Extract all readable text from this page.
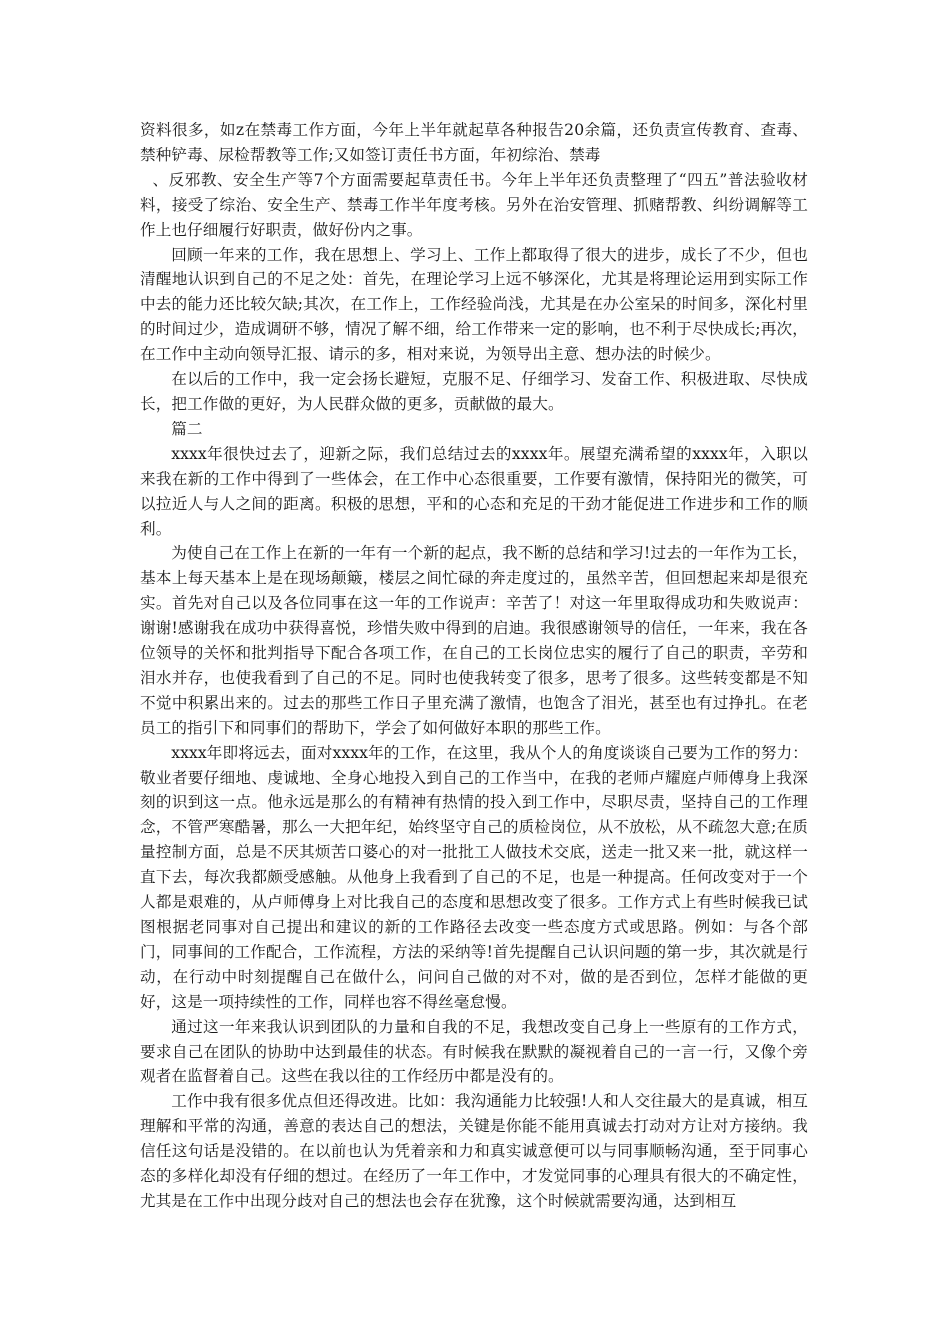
资料很多，如z在禁毒工作方面，今年上半年就起草各种报告20余篇，还负责宣传教育、查毒、禁种铲毒、尿检帮教等工作;又如签订责任书方面，年初综治、禁毒

、反邪教、安全生产等7个方面需要起草责任书。今年上半年还负责整理了“四五”普法验收材料，接受了综治、安全生产、禁毒工作半年度考核。另外在治安管理、抓赌帮教、纠纷调解等工作上也仔细履行好职责，做好份内之事。

回顾一年来的工作，我在思想上、学习上、工作上都取得了很大的进步，成长了不少，但也清醒地认识到自己的不足之处：首先，在理论学习上远不够深化，尤其是将理论运用到实际工作中去的能力还比较欠缺;其次，在工作上，工作经验尚浅，尤其是在办公室呆的时间多，深化村里的时间过少，造成调研不够，情况了解不细，给工作带来一定的影响，也不利于尽快成长;再次，在工作中主动向领导汇报、请示的多，相对来说，为领导出主意、想办法的时候少。

在以后的工作中，我一定会扬长避短，克服不足、仔细学习、发奋工作、积极进取、尽快成长，把工作做的更好，为人民群众做的更多，贡献做的最大。

篇二

xxxx年很快过去了，迎新之际，我们总结过去的xxxx年。展望充满希望的xxxx年，入职以来我在新的工作中得到了一些体会，在工作中心态很重要，工作要有激情，保持阳光的微笑，可以拉近人与人之间的距离。积极的思想，平和的心态和充足的干劲才能促进工作进步和工作的顺利。

为使自己在工作上在新的一年有一个新的起点，我不断的总结和学习!过去的一年作为工长，基本上每天基本上是在现场颠簸，楼层之间忙碌的奔走度过的，虽然辛苦，但回想起来却是很充实。首先对自己以及各位同事在这一年的工作说声：辛苦了！对这一年里取得成功和失败说声：谢谢!感谢我在成功中获得喜悦，珍惜失败中得到的启迪。我很感谢领导的信任，一年来，我在各位领导的关怀和批判指导下配合各项工作，在自己的工长岗位忠实的履行了自己的职责，辛劳和泪水并存，也使我看到了自己的不足。同时也使我转变了很多，思考了很多。这些转变都是不知不觉中积累出来的。过去的那些工作日子里充满了激情，也饱含了泪光，甚至也有过挣扎。在老员工的指引下和同事们的帮助下，学会了如何做好本职的那些工作。

xxxx年即将远去，面对xxxx年的工作，在这里，我从个人的角度谈谈自己要为工作的努力：敬业者要仔细地、虔诚地、全身心地投入到自己的工作当中，在我的老师卢耀庭卢师傅身上我深刻的识到这一点。他永远是那么的有精神有热情的投入到工作中，尽职尽责，坚持自己的工作理念，不管严寒酷暑，那么一大把年纪，始终坚守自己的质检岗位，从不放松，从不疏忽大意;在质量控制方面，总是不厌其烦苦口婆心的对一批批工人做技术交底，送走一批又来一批，就这样一直下去，每次我都颇受感触。从他身上我看到了自己的不足，也是一种提高。任何改变对于一个人都是艰难的，从卢师傅身上对比我自己的态度和思想改变了很多。工作方式上有些时候我已试图根据老同事对自己提出和建议的新的工作路径去改变一些态度方式或思路。例如：与各个部门，同事间的工作配合，工作流程，方法的采纳等!首先提醒自己认识问题的第一步，其次就是行动，在行动中时刻提醒自己在做什么，问问自己做的对不对，做的是否到位，怎样才能做的更好，这是一项持续性的工作，同样也容不得丝毫怠慢。

通过这一年来我认识到团队的力量和自我的不足，我想改变自己身上一些原有的工作方式，要求自己在团队的协助中达到最佳的状态。有时候我在默默的凝视着自己的一言一行，又像个旁观者在监督着自己。这些在我以往的工作经历中都是没有的。

工作中我有很多优点但还得改进。比如：我沟通能力比较强!人和人交往最大的是真诚，相互理解和平常的沟通，善意的表达自己的想法，关键是你能不能用真诚去打动对方让对方接纳。我信任这句话是没错的。在以前也认为凭着亲和力和真实诚意便可以与同事顺畅沟通，至于同事心态的多样化却没有仔细的想过。在经历了一年工作中，才发觉同事的心理具有很大的不确定性，尤其是在工作中出现分歧对自己的想法也会存在犹豫，这个时候就需要沟通，达到相互
